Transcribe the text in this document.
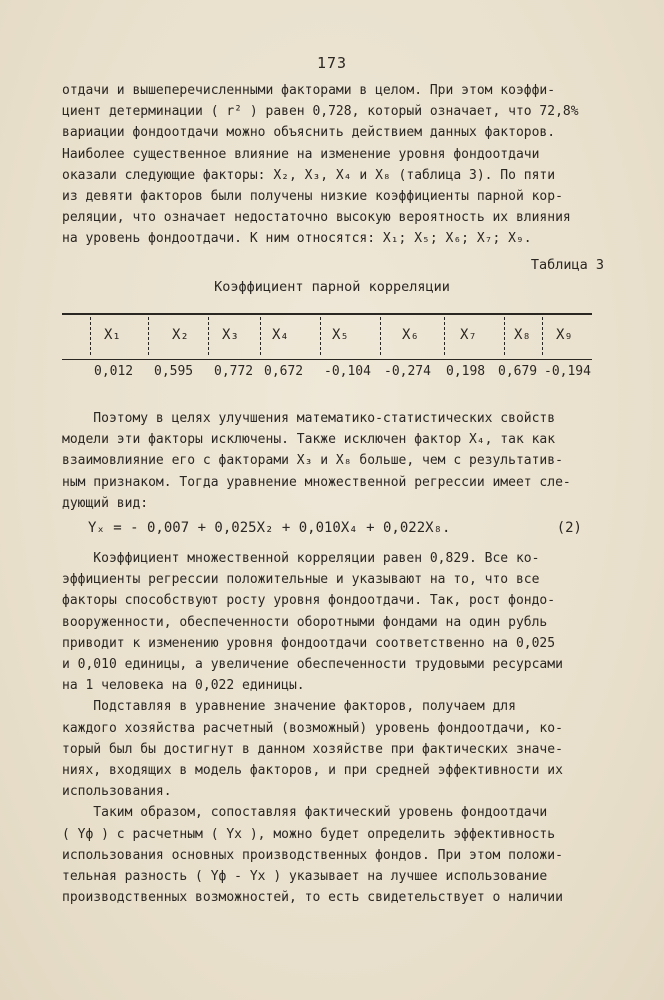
173

отдачи и вышеперечисленными факторами в целом. При этом коэффи-

циент детерминации ( r² ) равен 0,728, который означает, что 72,8%

вариации фондоотдачи можно объяснить действием данных факторов.

Наиболее существенное влияние на изменение уровня фондоотдачи

оказали следующие факторы: X₂, X₃, X₄ и X₈ (таблица 3). По пяти

из девяти факторов были получены низкие коэффициенты парной кор-

реляции, что означает недостаточно высокую вероятность их влияния

на уровень фондоотдачи. К ним относятся: X₁; X₅; X₆; X₇; X₉.

Таблица 3
Коэффициент парной корреляции
X₁	X₂ X₃ X₄	X₅	X₆	X₇	X₈ X₉
0,012 0,595 0,772 0,672 -0,104 -0,274 0,198 0,679 -0,194

Поэтому в целях улучшения математико-статистических свойств

модели эти факторы исключены. Также исключен фактор X₄, так как

взаимовлияние его с факторами X₃ и X₈ больше, чем с результатив-

ным признаком. Тогда уравнение множественной регрессии имеет сле-

дующий вид:

Yₓ = - 0,007 + 0,025X₂ + 0,010X₄ + 0,022X₈.	(2)

Коэффициент множественной корреляции равен 0,829. Все ко-

эффициенты регрессии положительные и указывают на то, что все

факторы способствуют росту уровня фондоотдачи. Так, рост фондо-

вооруженности, обеспеченности оборотными фондами на один рубль

приводит к изменению уровня фондоотдачи соответственно на 0,025

и 0,010 единицы, а увеличение обеспеченности трудовыми ресурсами

на 1 человека на 0,022 единицы.

Подставляя в уравнение значение факторов, получаем для

каждого хозяйства расчетный (возможный) уровень фондоотдачи, ко-

торый был бы достигнут в данном хозяйстве при фактических значе-

ниях, входящих в модель факторов, и при средней эффективности их

использования.

Таким образом, сопоставляя фактический уровень фондоотдачи

( Yф ) с расчетным ( Yx ), можно будет определить эффективность

использования основных производственных фондов. При этом положи-

тельная разность ( Yф - Yx ) указывает на лучшее использование

производственных возможностей, то есть свидетельствует о наличии
